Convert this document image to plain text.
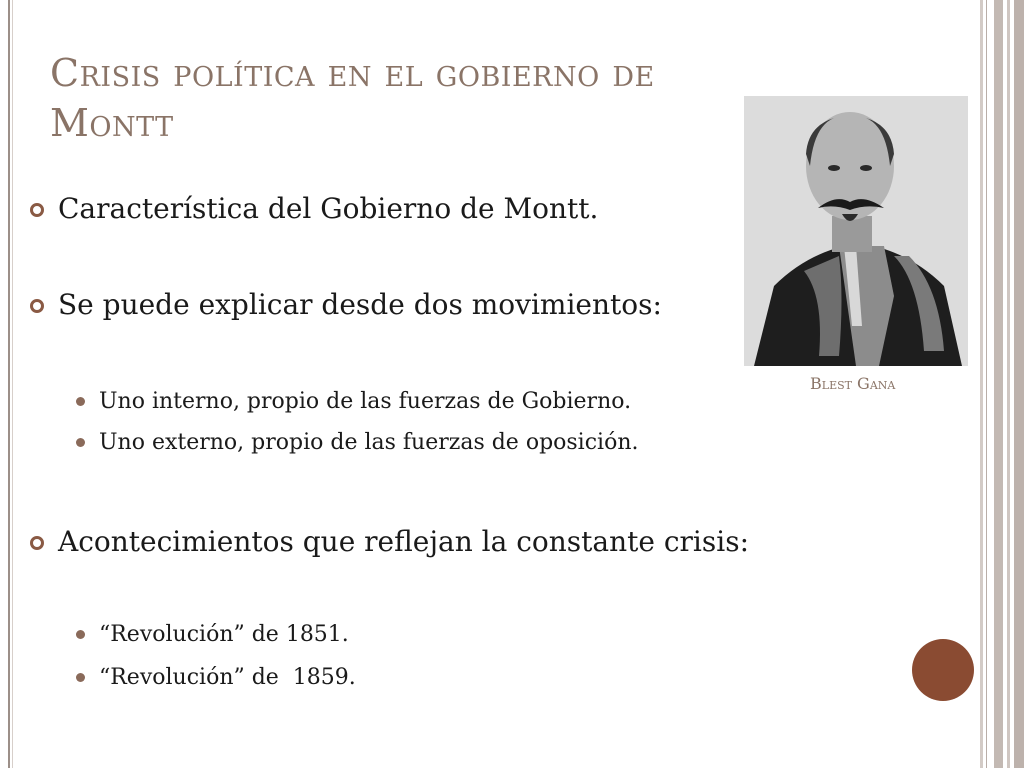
Crisis política en el gobierno de
Montt
Blest Gana
Característica del Gobierno de Montt.
Se puede explicar desde dos movimientos:
Uno interno, propio de las fuerzas de Gobierno.
Uno externo, propio de las fuerzas de oposición.
Acontecimientos que reflejan la constante crisis:
“Revolución” de 1851.
“Revolución” de  1859.
